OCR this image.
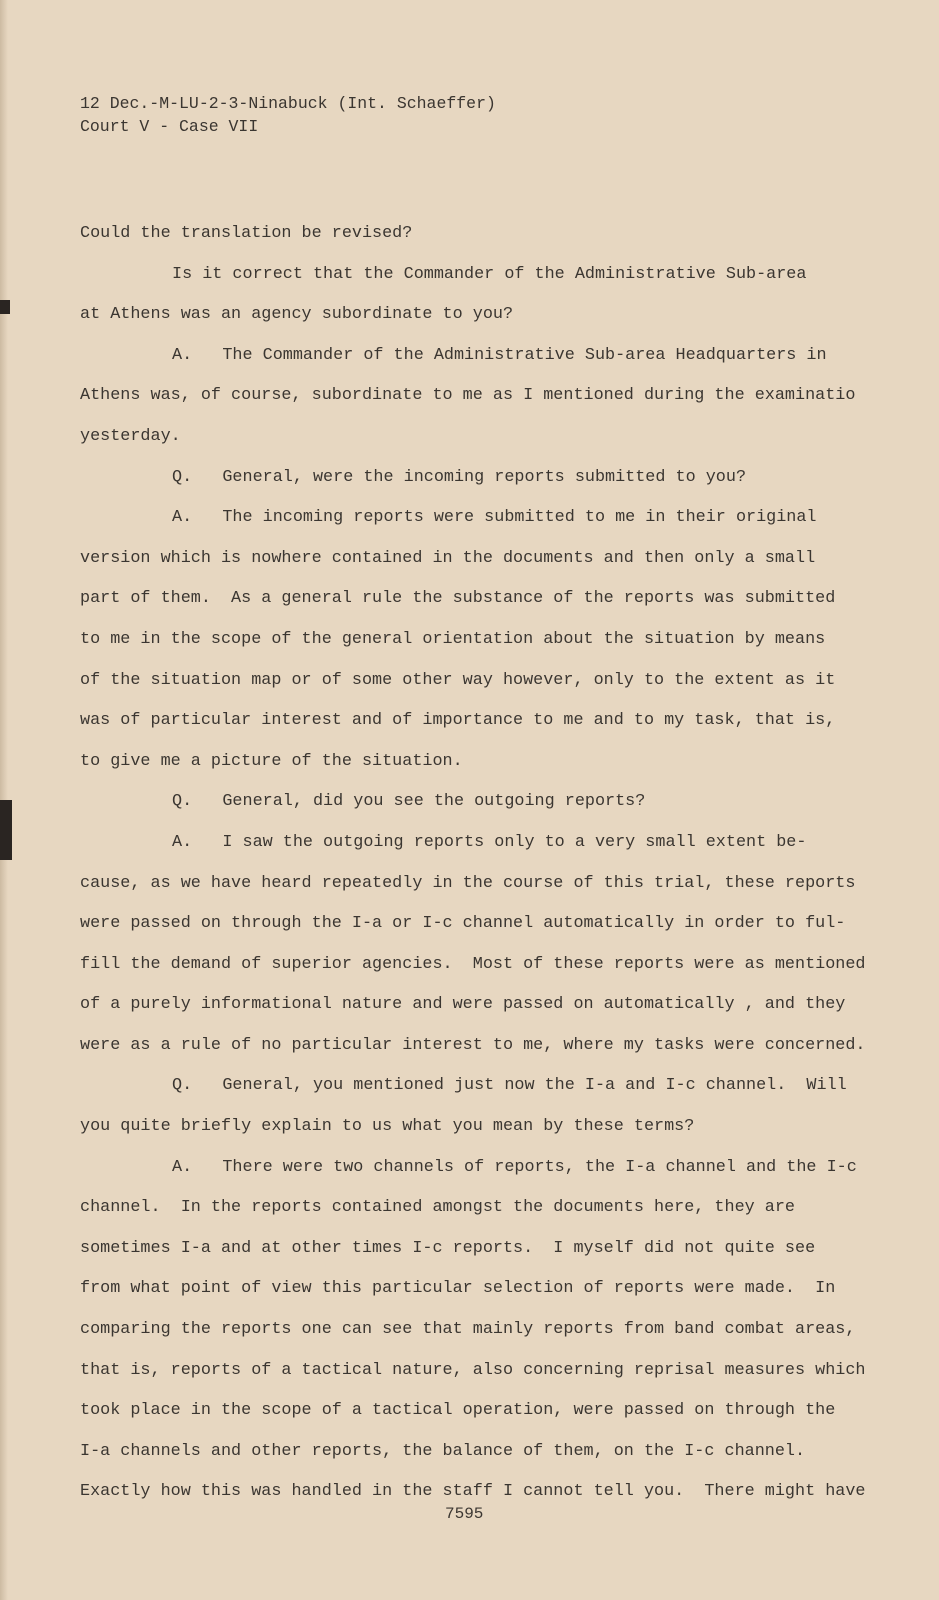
12 Dec.-M-LU-2-3-Ninabuck (Int. Schaeffer)
Court V - Case VII
Could the translation be revised?
Is it correct that the Commander of the Administrative Sub-area
at Athens was an agency subordinate to you?
A.   The Commander of the Administrative Sub-area Headquarters in
Athens was, of course, subordinate to me as I mentioned during the examinatio
yesterday.
Q.   General, were the incoming reports submitted to you?
A.   The incoming reports were submitted to me in their original
version which is nowhere contained in the documents and then only a small
part of them.  As a general rule the substance of the reports was submitted
to me in the scope of the general orientation about the situation by means
of the situation map or of some other way however, only to the extent as it
was of particular interest and of importance to me and to my task, that is,
to give me a picture of the situation.
Q.   General, did you see the outgoing reports?
A.   I saw the outgoing reports only to a very small extent be-
cause, as we have heard repeatedly in the course of this trial, these reports
were passed on through the I-a or I-c channel automatically in order to ful-
fill the demand of superior agencies.  Most of these reports were as mentioned
of a purely informational nature and were passed on automatically , and they
were as a rule of no particular interest to me, where my tasks were concerned.
Q.   General, you mentioned just now the I-a and I-c channel.  Will
you quite briefly explain to us what you mean by these terms?
A.   There were two channels of reports, the I-a channel and the I-c
channel.  In the reports contained amongst the documents here, they are
sometimes I-a and at other times I-c reports.  I myself did not quite see
from what point of view this particular selection of reports were made.  In
comparing the reports one can see that mainly reports from band combat areas,
that is, reports of a tactical nature, also concerning reprisal measures which
took place in the scope of a tactical operation, were passed on through the
I-a channels and other reports, the balance of them, on the I-c channel.
Exactly how this was handled in the staff I cannot tell you.  There might have
7595
